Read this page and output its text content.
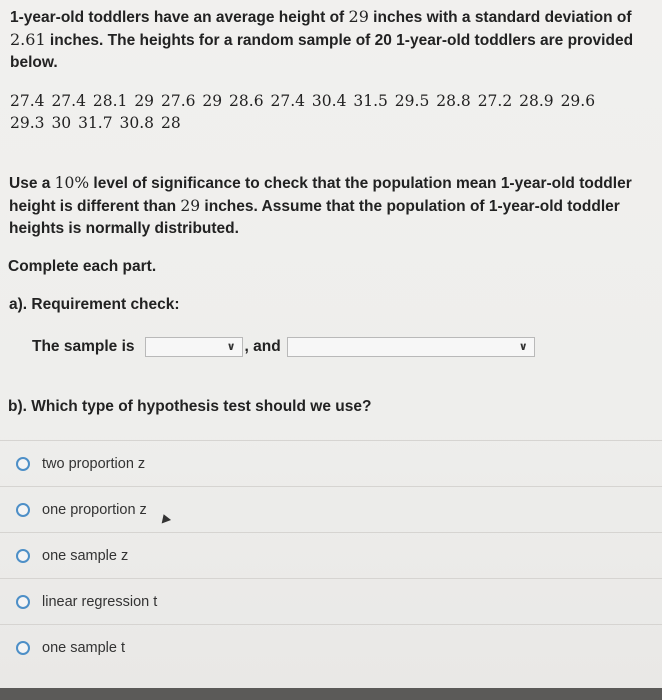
1-year-old toddlers have an average height of 29 inches with a standard deviation of
2.61 inches. The heights for a random sample of 20 1-year-old toddlers are provided below.
27.4 27.4 28.1 29 27.6 29 28.6 27.4 30.4 31.5 29.5 28.8 27.2 28.9 29.6
29.3 30 31.7 30.8 28
Use a 10% level of significance to check that the population mean 1-year-old toddler height is different than 29 inches. Assume that the population of 1-year-old toddler heights is normally distributed.
Complete each part.
a). Requirement check:
The sample is	∨ , and	∨
b). Which type of hypothesis test should we use?
two proportion z
one proportion z
one sample z
linear regression t
one sample t
